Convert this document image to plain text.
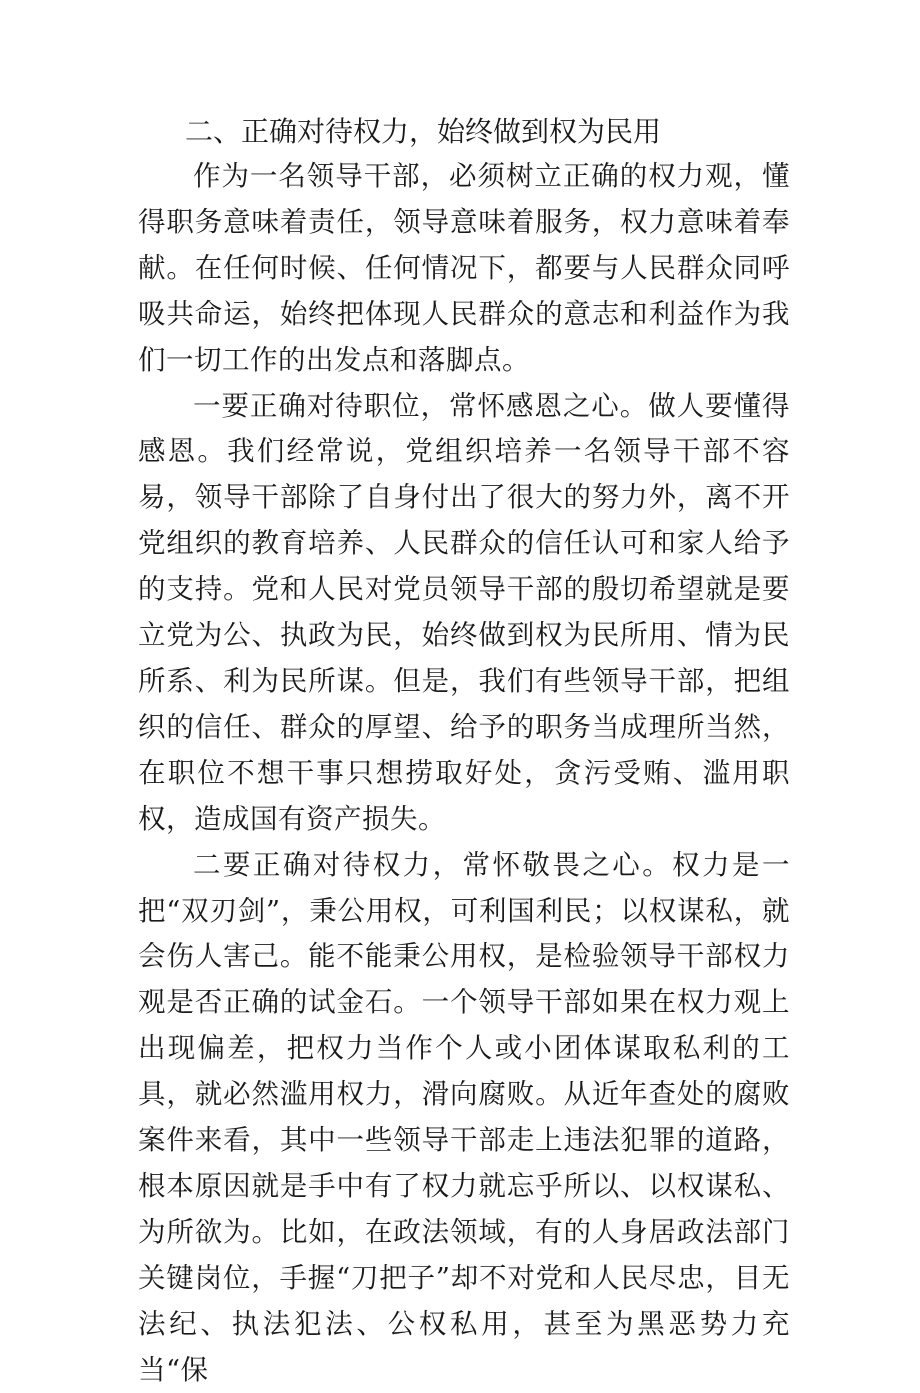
二、正确对待权力，始终做到权为民用

作为一名领导干部，必须树立正确的权力观，懂得职务意味着责任，领导意味着服务，权力意味着奉献。在任何时候、任何情况下，都要与人民群众同呼吸共命运，始终把体现人民群众的意志和利益作为我们一切工作的出发点和落脚点。

一要正确对待职位，常怀感恩之心。做人要懂得感恩。我们经常说，党组织培养一名领导干部不容易，领导干部除了自身付出了很大的努力外，离不开党组织的教育培养、人民群众的信任认可和家人给予的支持。党和人民对党员领导干部的殷切希望就是要立党为公、执政为民，始终做到权为民所用、情为民所系、利为民所谋。但是，我们有些领导干部，把组织的信任、群众的厚望、给予的职务当成理所当然，在职位不想干事只想捞取好处，贪污受贿、滥用职权，造成国有资产损失。

二要正确对待权力，常怀敬畏之心。权力是一把“双刃剑”，秉公用权，可利国利民；以权谋私，就会伤人害己。能不能秉公用权，是检验领导干部权力观是否正确的试金石。一个领导干部如果在权力观上出现偏差，把权力当作个人或小团体谋取私利的工具，就必然滥用权力，滑向腐败。从近年查处的腐败案件来看，其中一些领导干部走上违法犯罪的道路，根本原因就是手中有了权力就忘乎所以、以权谋私、为所欲为。比如，在政法领域，有的人身居政法部门关键岗位，手握“刀把子”却不对党和人民尽忠，目无法纪、执法犯法、公权私用，甚至为黑恶势力充当“保
